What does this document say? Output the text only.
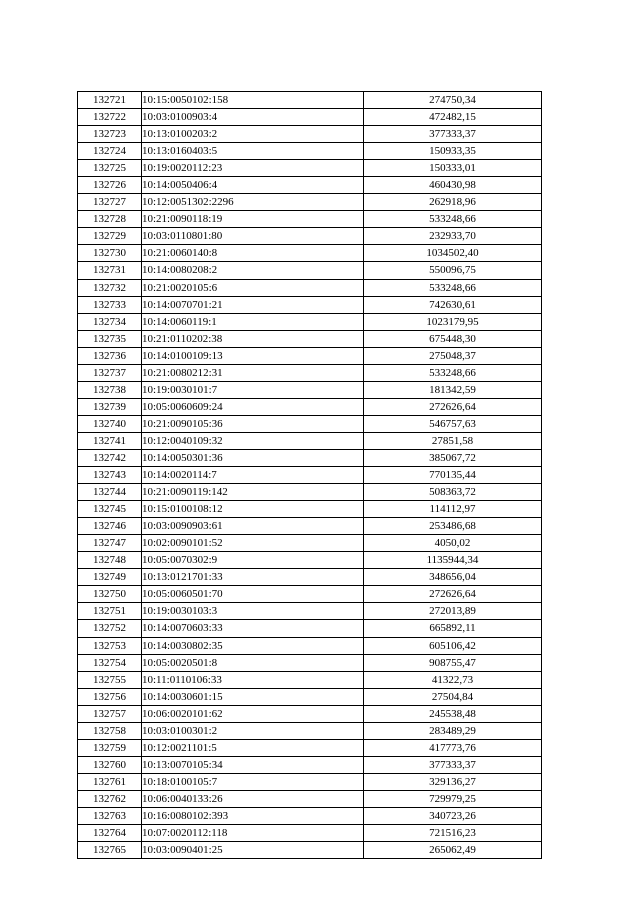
132721	10:15:0050102:158	274750,34
132722	10:03:0100903:4	472482,15
132723	10:13:0100203:2	377333,37
132724	10:13:0160403:5	150933,35
132725	10:19:0020112:23	150333,01
132726	10:14:0050406:4	460430,98
132727	10:12:0051302:2296	262918,96
132728	10:21:0090118:19	533248,66
132729	10:03:0110801:80	232933,70
132730	10:21:0060140:8	1034502,40
132731	10:14:0080208:2	550096,75
132732	10:21:0020105:6	533248,66
132733	10:14:0070701:21	742630,61
132734	10:14:0060119:1	1023179,95
132735	10:21:0110202:38	675448,30
132736	10:14:0100109:13	275048,37
132737	10:21:0080212:31	533248,66
132738	10:19:0030101:7	181342,59
132739	10:05:0060609:24	272626,64
132740	10:21:0090105:36	546757,63
132741	10:12:0040109:32	27851,58
132742	10:14:0050301:36	385067,72
132743	10:14:0020114:7	770135,44
132744	10:21:0090119:142	508363,72
132745	10:15:0100108:12	114112,97
132746	10:03:0090903:61	253486,68
132747	10:02:0090101:52	4050,02
132748	10:05:0070302:9	1135944,34
132749	10:13:0121701:33	348656,04
132750	10:05:0060501:70	272626,64
132751	10:19:0030103:3	272013,89
132752	10:14:0070603:33	665892,11
132753	10:14:0030802:35	605106,42
132754	10:05:0020501:8	908755,47
132755	10:11:0110106:33	41322,73
132756	10:14:0030601:15	27504,84
132757	10:06:0020101:62	245538,48
132758	10:03:0100301:2	283489,29
132759	10:12:0021101:5	417773,76
132760	10:13:0070105:34	377333,37
132761	10:18:0100105:7	329136,27
132762	10:06:0040133:26	729979,25
132763	10:16:0080102:393	340723,26
132764	10:07:0020112:118	721516,23
132765	10:03:0090401:25	265062,49
